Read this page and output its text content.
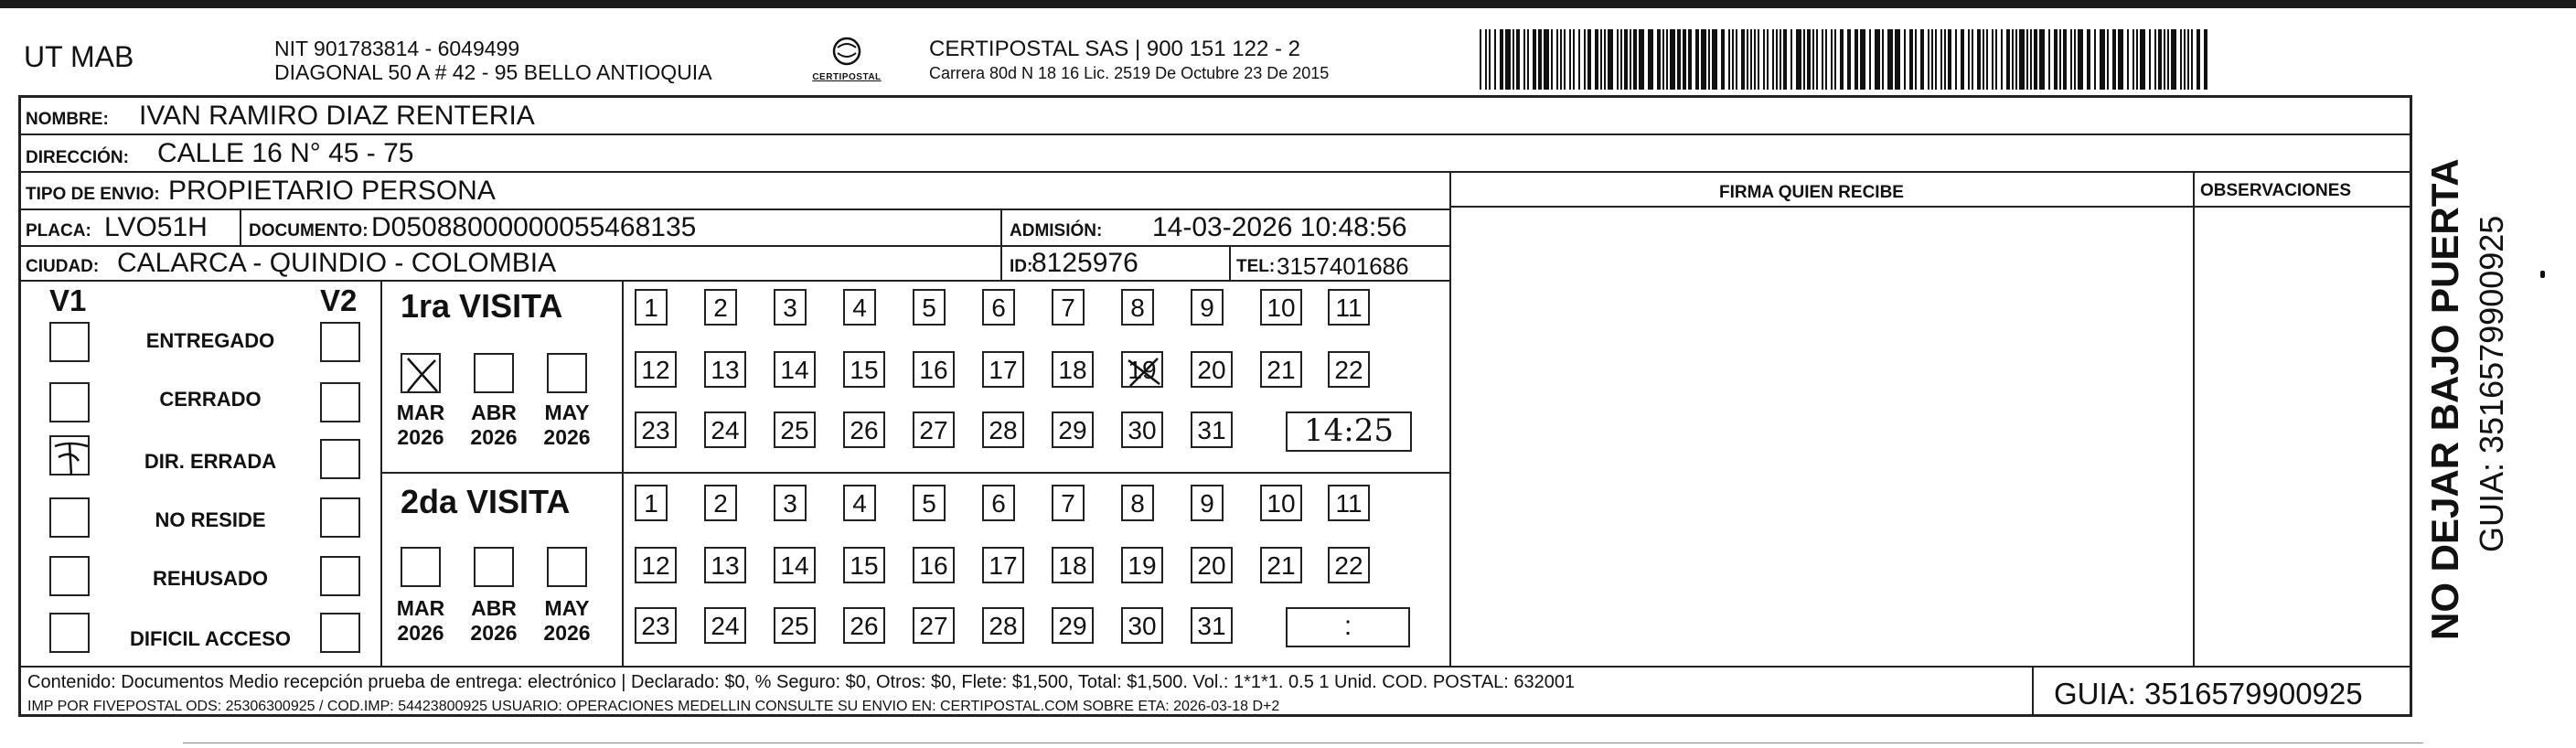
UT MAB	NIT 901783814 - 6049499
DIAGONAL 50 A # 42 - 95 BELLO ANTIOQUIA	CERTIPOSTAL
CERTIPOSTAL SAS | 900 151 122 - 2
Carrera 80d N 18 16 Lic. 2519 De Octubre 23 De 2015
NOMBRE: IVAN RAMIRO DIAZ RENTERIA
DIRECCIÓN: CALLE 16 N° 45 - 75
TIPO DE ENVIO: PROPIETARIO PERSONA	FIRMA QUIEN RECIBE	OBSERVACIONES
PLACA: LVO51H DOCUMENTO: D05088000000055468135	ADMISIÓN: 14-03-2026 10:48:56
CIUDAD: CALARCA - QUINDIO - COLOMBIA	ID:
8125976	TEL: 3157401686
V1	V2
ENTREGADO
CERRADO
DIR. ERRADA
NO RESIDE
REHUSADO
DIFICIL ACCESO
1ra VISITA
MAR
2026
ABR
2026
MAY
2026
1	2	3	4	5	6	7	8	9	10	11
12 13 14 15 16 17 18 19 20 21 22
23 24 25 26 27 28 29 30 31	14:25
2da VISITA
MAR
2026
ABR
2026
MAY
2026
1	2	3	4	5	6	7	8	9	10	11
12 13 14 15 16 17 18 19 20 21 22
23 24 25 26 27 28 29 30 31	:
Contenido: Documentos Medio recepción prueba de entrega: electrónico | Declarado: $0, % Seguro: $0, Otros: $0, Flete: $1,500, Total: $1,500. Vol.: 1*1*1. 0.5 1 Unid. COD. POSTAL: 632001
IMP POR FIVEPOSTAL ODS: 25306300925 / COD.IMP: 54423800925 USUARIO: OPERACIONES MEDELLIN CONSULTE SU ENVIO EN: CERTIPOSTAL.COM SOBRE ETA: 2026-03-18 D+2	GUIA: 3516579900925
NO DEJAR BAJO PUERTA GUIA: 3516579900925
